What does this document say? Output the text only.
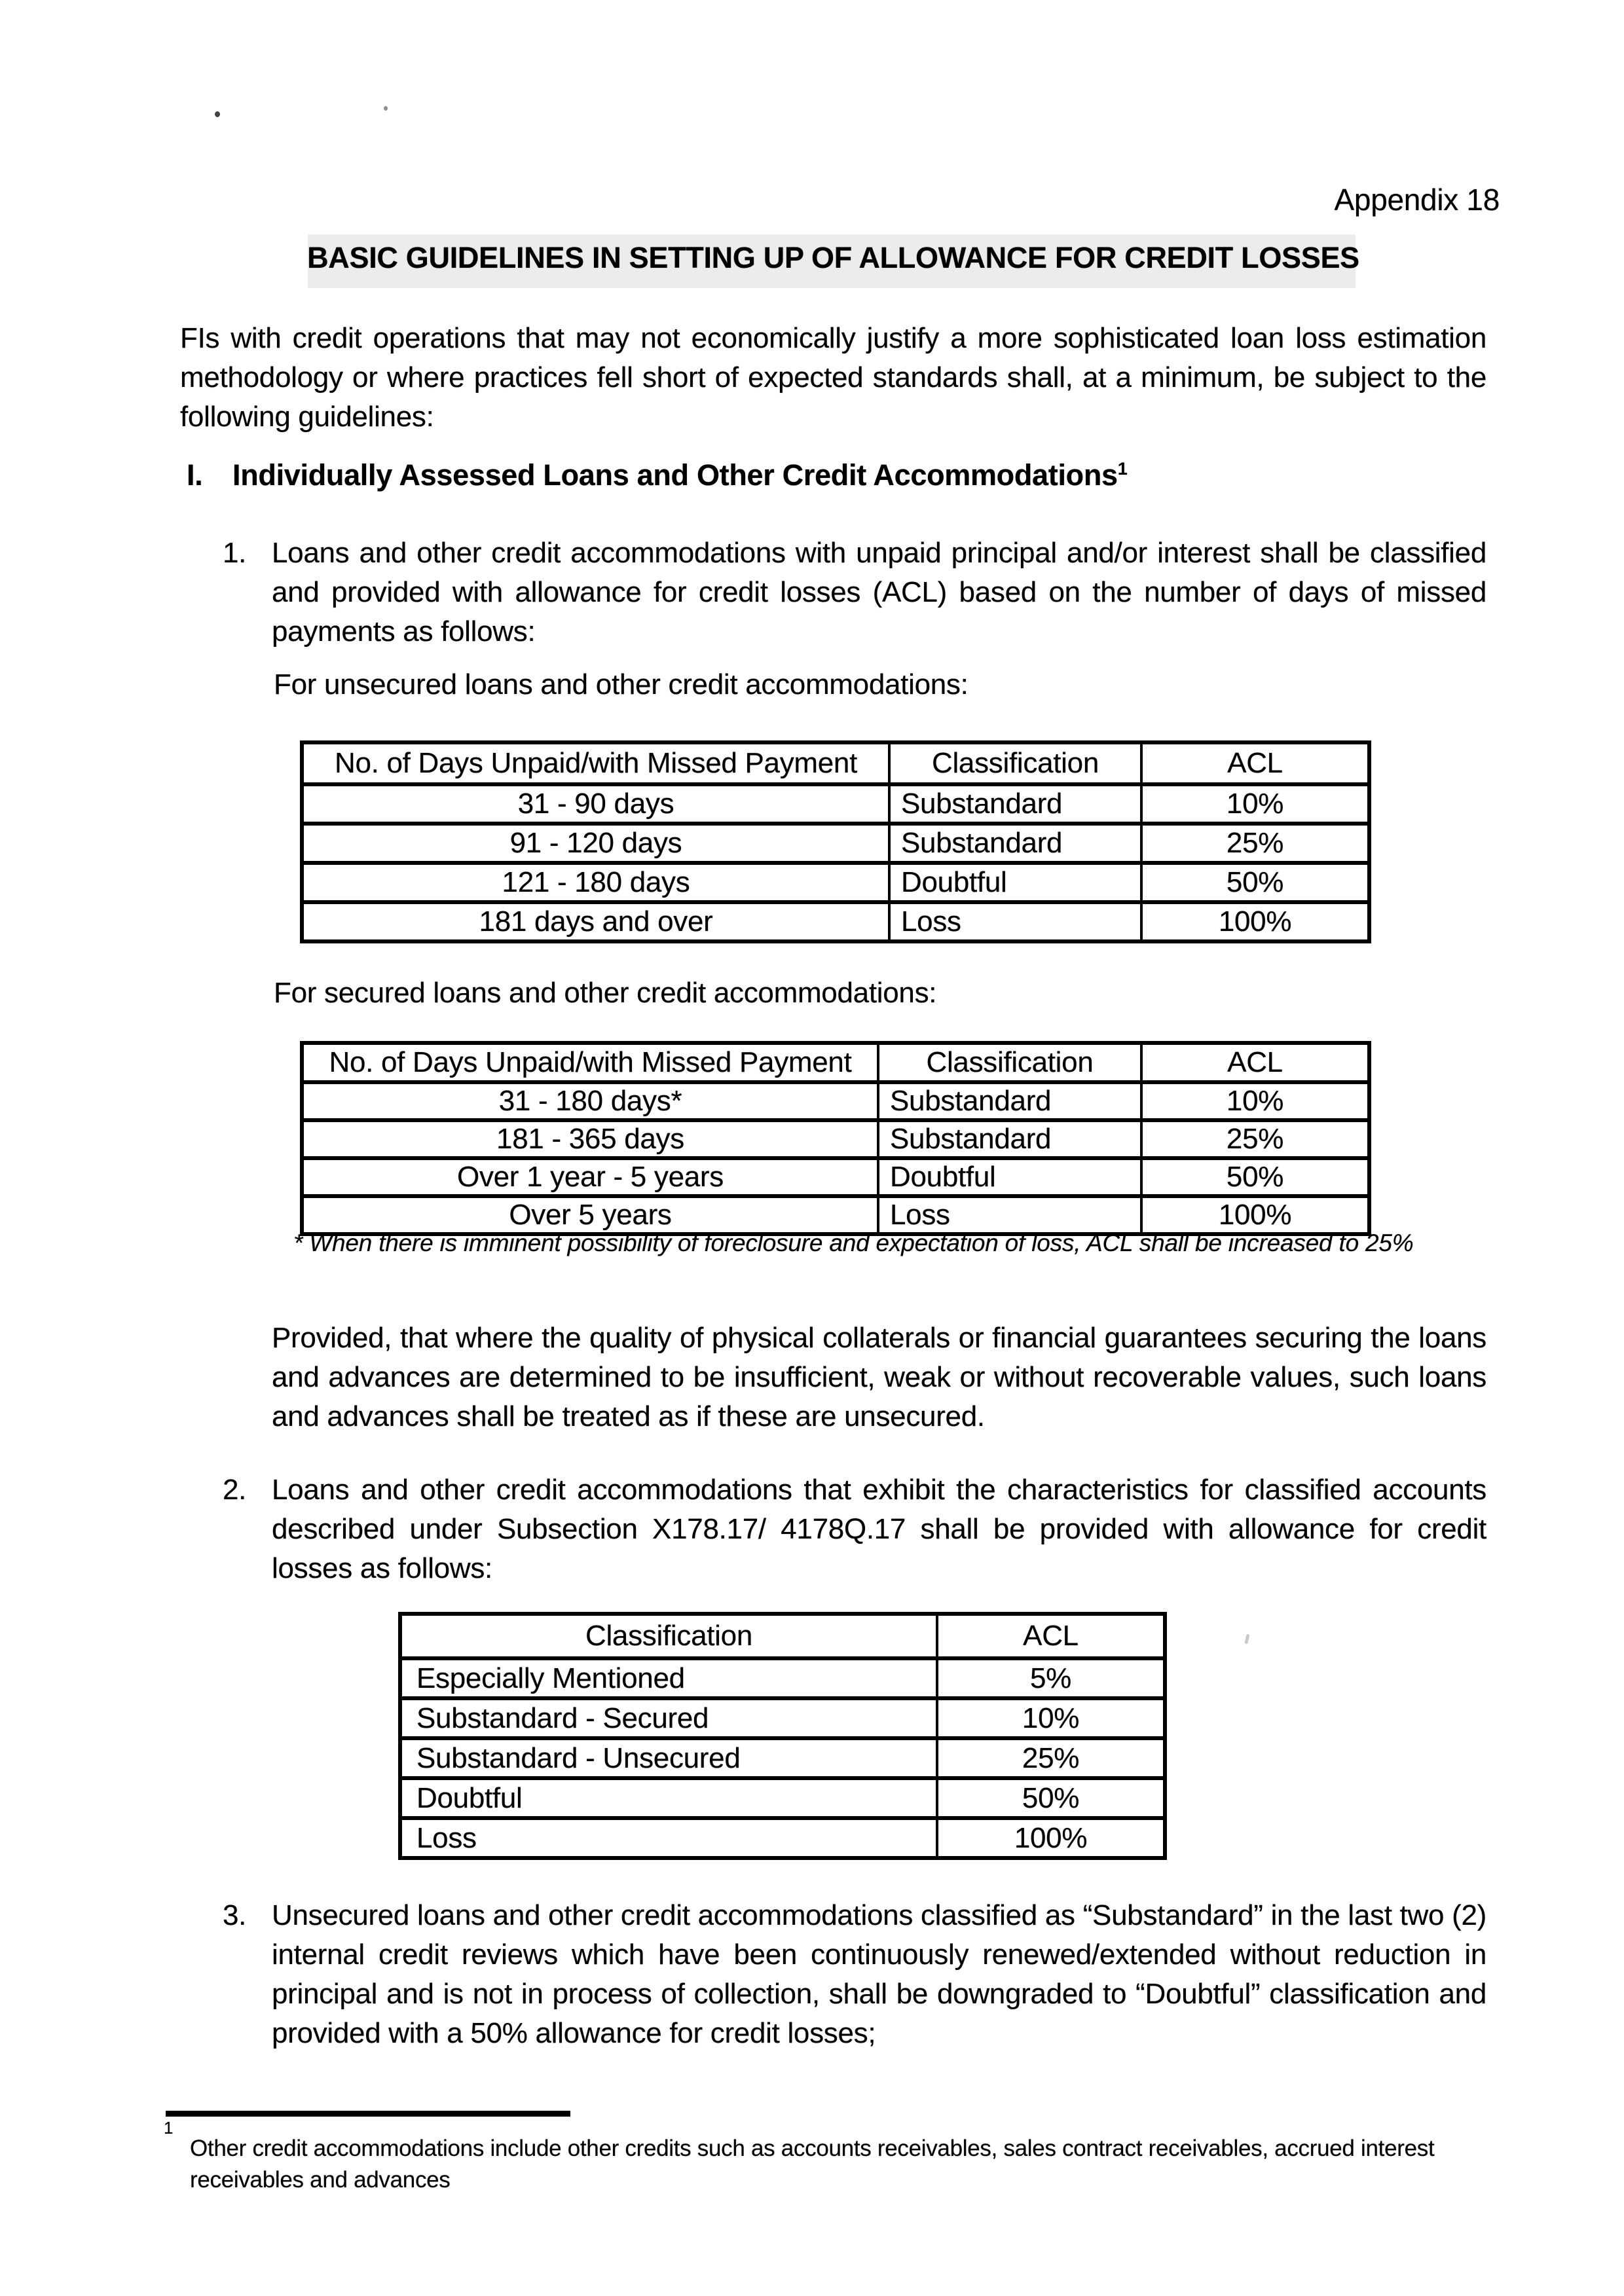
Appendix 18
BASIC GUIDELINES IN SETTING UP OF ALLOWANCE FOR CREDIT LOSSES
FIs with credit operations that may not economically justify a more sophisticated loan loss estimation methodology or where practices fell short of expected standards shall, at a minimum, be subject to the following guidelines:
I. Individually Assessed Loans and Other Credit Accommodations$^1$
1. Loans and other credit accommodations with unpaid principal and/or interest shall be classified and provided with allowance for credit losses (ACL) based on the number of days of missed payments as follows:
For unsecured loans and other credit accommodations:
No. of Days Unpaid/with Missed Payment	Classification	ACL
31 - 90 days	Substandard	10%
91 - 120 days	Substandard	25%
121 - 180 days	Doubtful	50%
181 days and over	Loss	100%
For secured loans and other credit accommodations:
No. of Days Unpaid/with Missed Payment	Classification	ACL
31 - 180 days*	Substandard	10%
181 - 365 days	Substandard	25%
Over 1 year - 5 years	Doubtful	50%
Over 5 years	Loss	100%
* When there is imminent possibility of foreclosure and expectation of loss, ACL shall be increased to 25%
Provided, that where the quality of physical collaterals or financial guarantees securing the loans and advances are determined to be insufficient, weak or without recoverable values, such loans and advances shall be treated as if these are unsecured.
2. Loans and other credit accommodations that exhibit the characteristics for classified accounts described under Subsection X178.17/ 4178Q.17 shall be provided with allowance for credit losses as follows:
Classification	ACL
Especially Mentioned	5%
Substandard - Secured	10%
Substandard - Unsecured	25%
Doubtful	50%
Loss	100%
3. Unsecured loans and other credit accommodations classified as “Substandard” in the last two (2) internal credit reviews which have been continuously renewed/extended without reduction in principal and is not in process of collection, shall be downgraded to “Doubtful” classification and provided with a 50% allowance for credit losses;
1
Other credit accommodations include other credits such as accounts receivables, sales contract receivables, accrued interest receivables and advances
